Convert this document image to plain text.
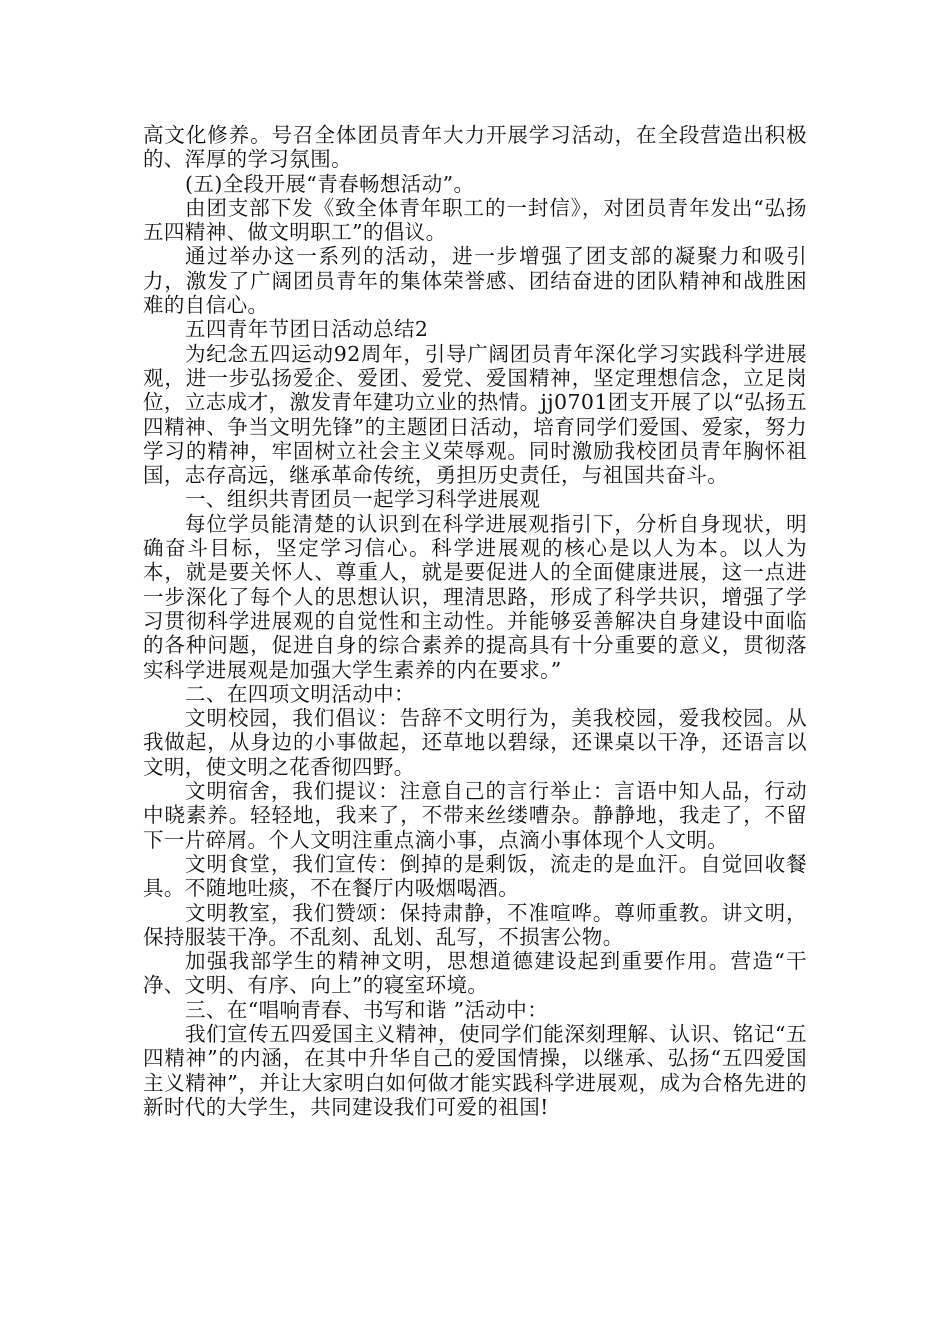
高文化修养。号召全体团员青年大力开展学习活动，在全段营造出积极的、浑厚的学习氛围。

(五)全段开展“青春畅想活动”。

由团支部下发《致全体青年职工的一封信》，对团员青年发出“弘扬五四精神、做文明职工”的倡议。

通过举办这一系列的活动，进一步增强了团支部的凝聚力和吸引力，激发了广阔团员青年的集体荣誉感、团结奋进的团队精神和战胜困难的自信心。

五四青年节团日活动总结2

为纪念五四运动92周年，引导广阔团员青年深化学习实践科学进展观，进一步弘扬爱企、爱团、爱党、爱国精神，坚定理想信念，立足岗位，立志成才，激发青年建功立业的热情。jj0701团支开展了以“弘扬五四精神、争当文明先锋”的主题团日活动，培育同学们爱国、爱家，努力学习的精神，牢固树立社会主义荣辱观。同时激励我校团员青年胸怀祖国，志存高远，继承革命传统，勇担历史责任，与祖国共奋斗。

一、组织共青团员一起学习科学进展观

每位学员能清楚的认识到在科学进展观指引下，分析自身现状，明确奋斗目标，坚定学习信心。科学进展观的核心是以人为本。以人为本，就是要关怀人、尊重人，就是要促进人的全面健康进展，这一点进一步深化了每个人的思想认识，理清思路，形成了科学共识，增强了学习贯彻科学进展观的自觉性和主动性。并能够妥善解决自身建设中面临的各种问题，促进自身的综合素养的提高具有十分重要的意义，贯彻落实科学进展观是加强大学生素养的内在要求。”

二、在四项文明活动中：

文明校园，我们倡议：告辞不文明行为，美我校园，爱我校园。从我做起，从身边的小事做起，还草地以碧绿，还课桌以干净，还语言以文明，使文明之花香彻四野。

文明宿舍，我们提议：注意自己的言行举止：言语中知人品，行动中晓素养。轻轻地，我来了，不带来丝缕嘈杂。静静地，我走了，不留下一片碎屑。个人文明注重点滴小事，点滴小事体现个人文明。

文明食堂，我们宣传：倒掉的是剩饭，流走的是血汗。自觉回收餐具。不随地吐痰，不在餐厅内吸烟喝酒。

文明教室，我们赞颂：保持肃静，不准喧哗。尊师重教。讲文明，保持服装干净。不乱刻、乱划、乱写，不损害公物。

加强我部学生的精神文明，思想道德建设起到重要作用。营造“干净、文明、有序、向上”的寝室环境。

三、在“唱响青春、书写和谐 ”活动中：

我们宣传五四爱国主义精神，使同学们能深刻理解、认识、铭记“五四精神”的内涵，在其中升华自己的爱国情操，以继承、弘扬“五四爱国主义精神”，并让大家明白如何做才能实践科学进展观，成为合格先进的新时代的大学生，共同建设我们可爱的祖国!
